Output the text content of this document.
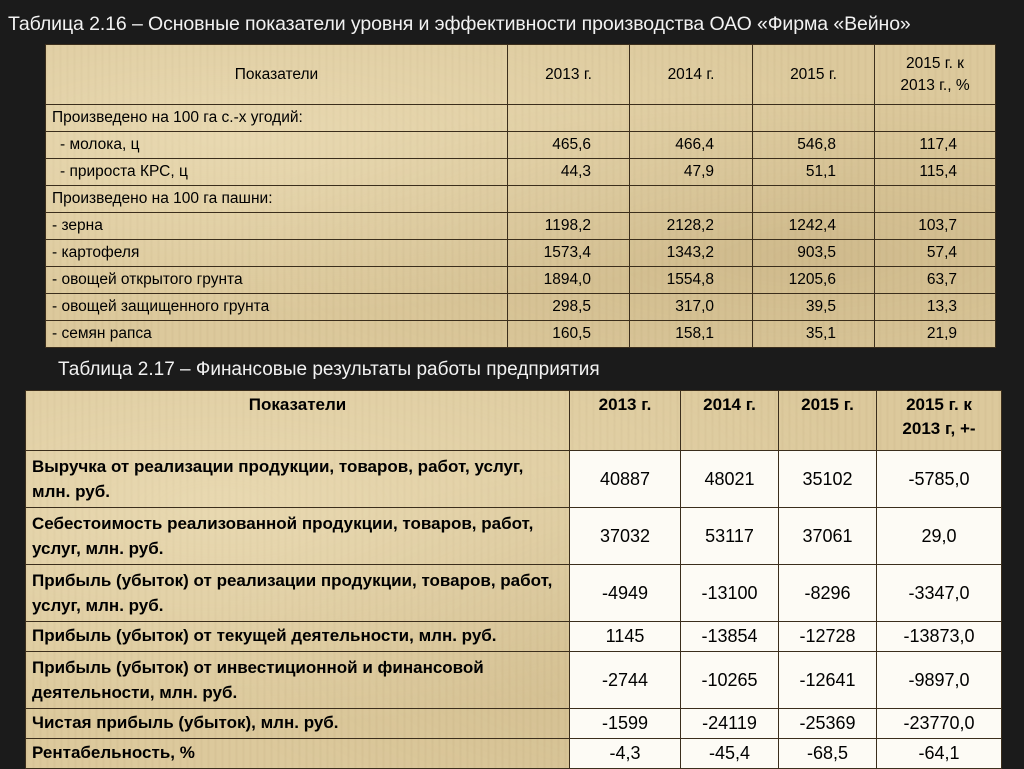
Таблица 2.16 – Основные показатели уровня и эффективности производства ОАО «Фирма «Вейно»
Показатели	2013 г.	2014 г.	2015 г.	2015 г. к
2013 г., %
Произведено на 100 га с.-х угодий:				
- молока, ц	465,6	466,4	546,8	117,4
- прироста КРС, ц	44,3	47,9	51,1	115,4
Произведено на 100 га пашни:				
- зерна	1198,2	2128,2	1242,4	103,7
- картофеля	1573,4	1343,2	903,5	57,4
- овощей открытого грунта	1894,0	1554,8	1205,6	63,7
- овощей защищенного грунта	298,5	317,0	39,5	13,3
- семян рапса	160,5	158,1	35,1	21,9
Таблица 2.17 – Финансовые результаты работы предприятия
Показатели	2013 г.	2014 г.	2015 г.	2015 г. к
2013 г, +-
Выручка от реализации продукции, товаров, работ, услуг, млн. руб.	40887	48021	35102	-5785,0
Себестоимость реализованной продукции, товаров, работ, услуг, млн. руб.	37032	53117	37061	29,0
Прибыль (убыток) от реализации продукции, товаров, работ, услуг, млн. руб.	-4949	-13100	-8296	-3347,0
Прибыль (убыток) от текущей деятельности, млн. руб.	1145	-13854	-12728	-13873,0
Прибыль (убыток) от инвестиционной и финансовой деятельности, млн. руб.	-2744	-10265	-12641	-9897,0
Чистая прибыль (убыток), млн. руб.	-1599	-24119	-25369	-23770,0
Рентабельность, %	-4,3	-45,4	-68,5	-64,1
